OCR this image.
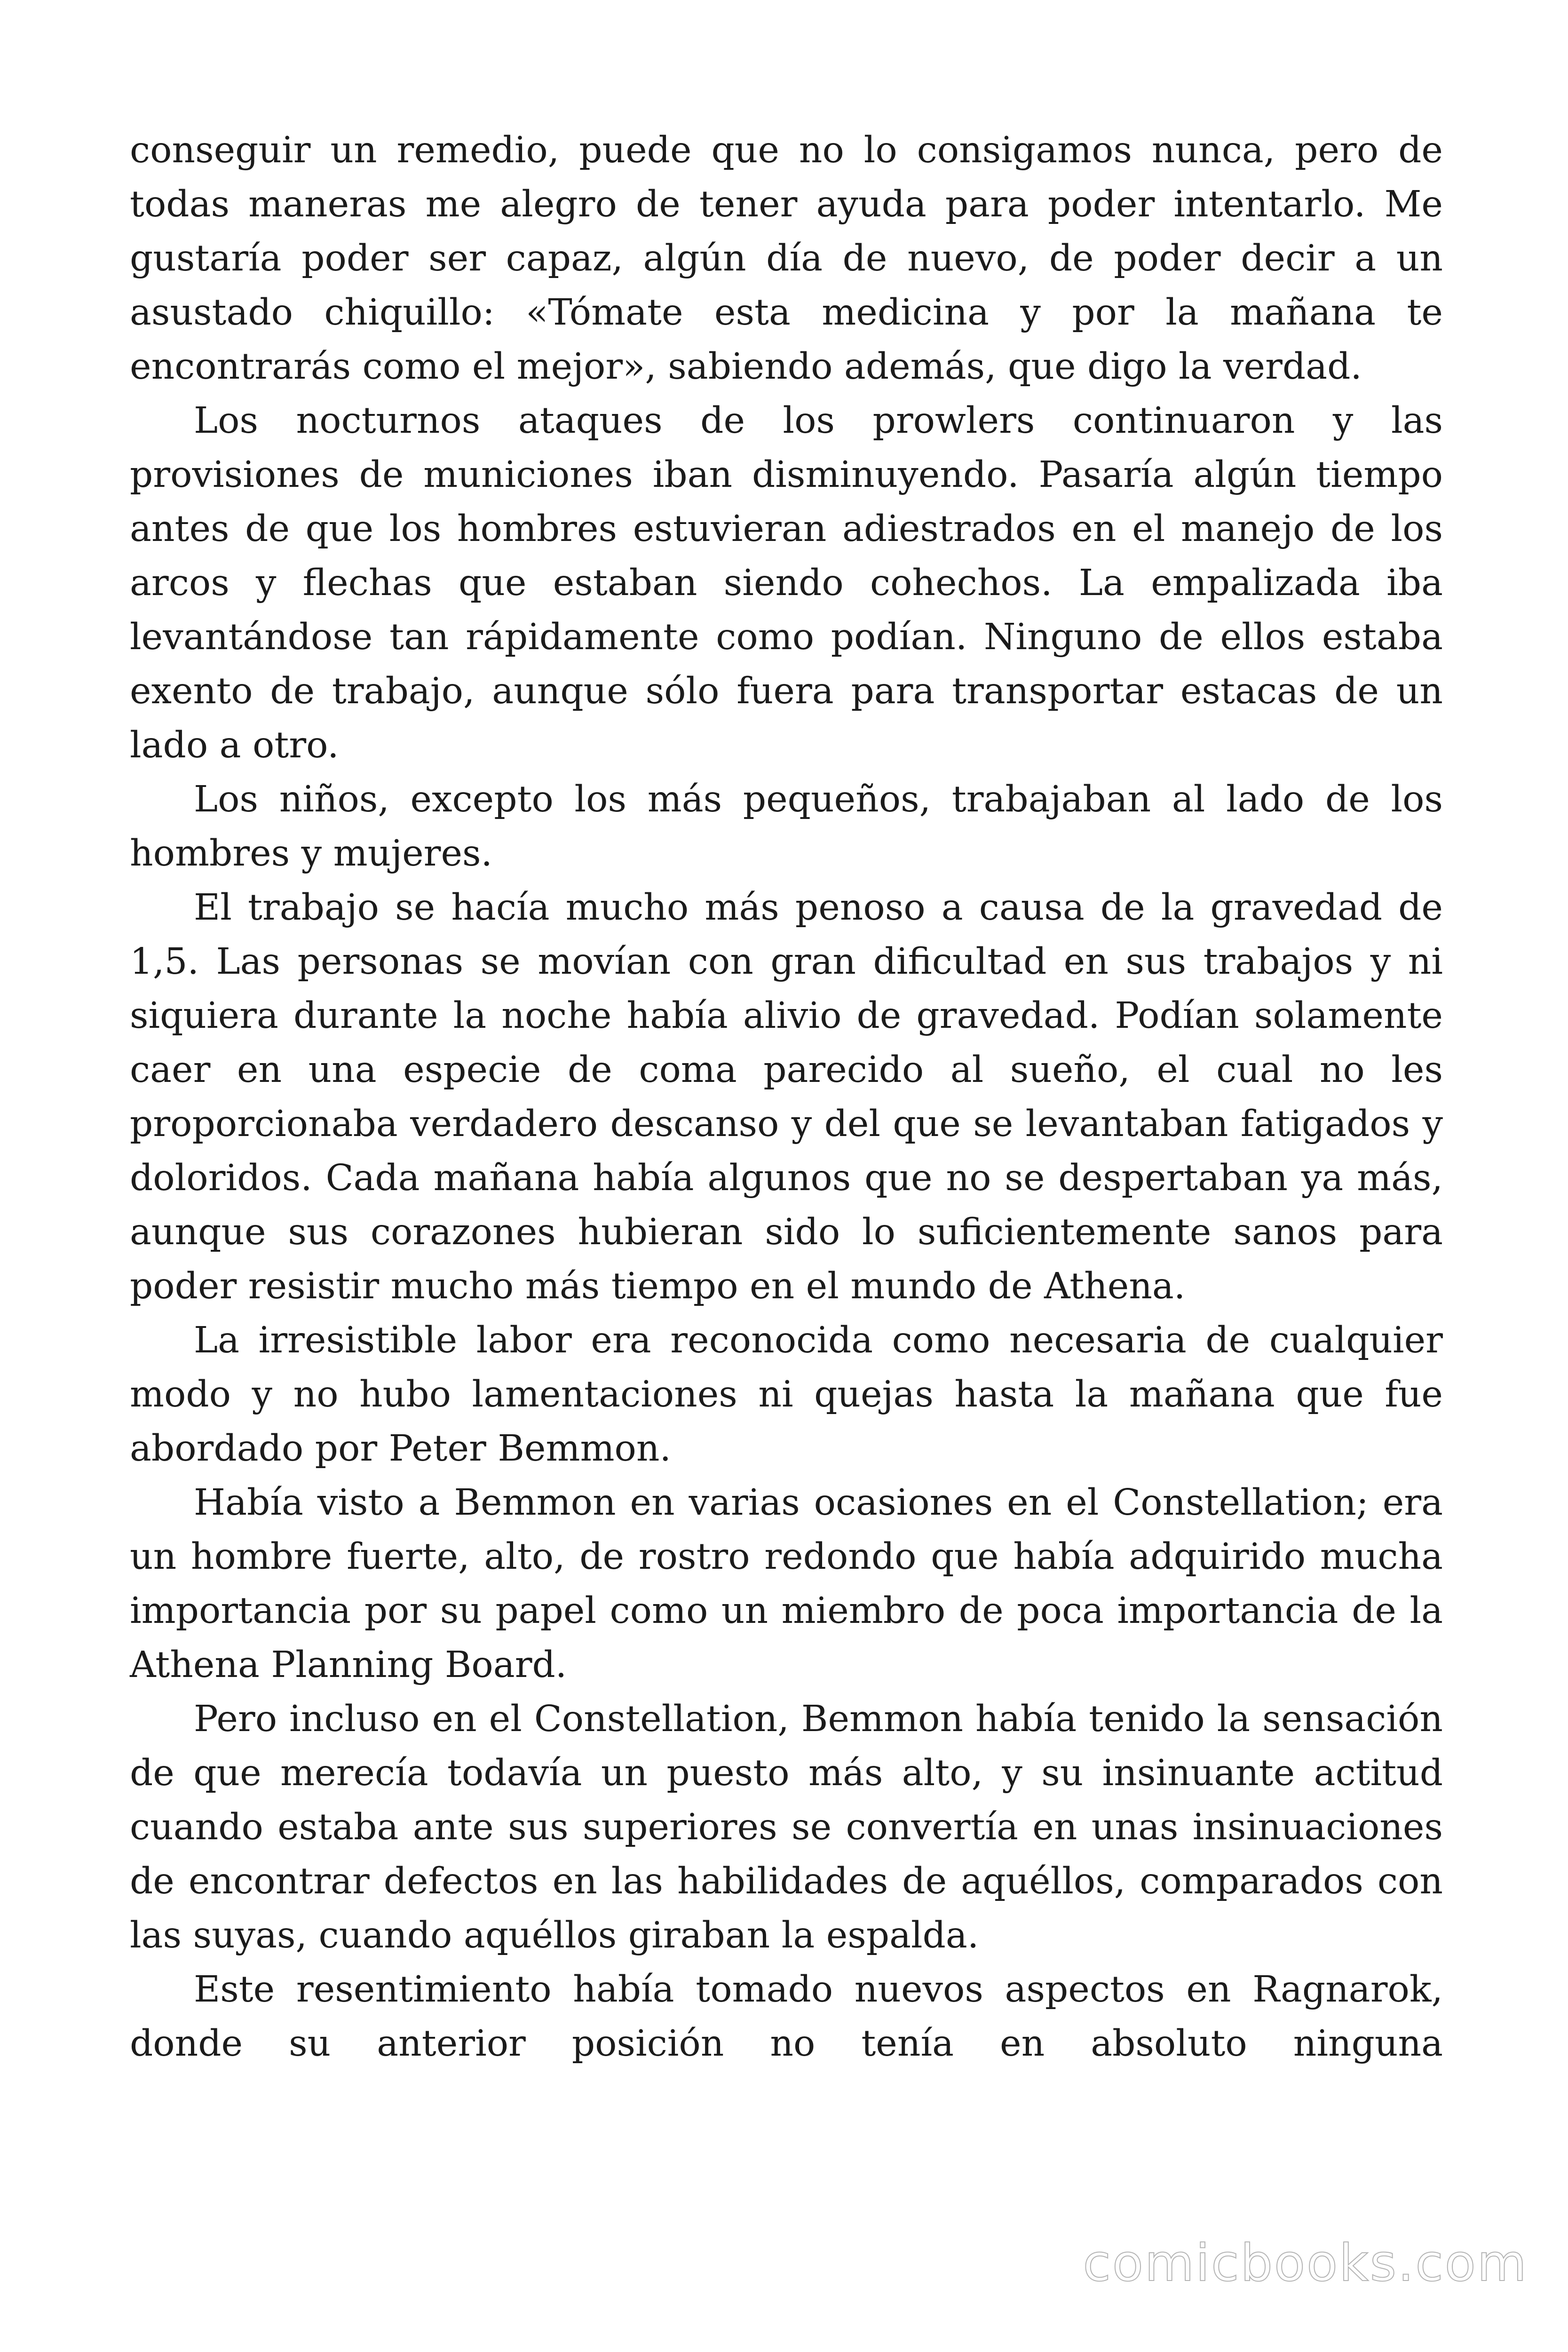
conseguir un remedio, puede que no lo consigamos nunca, pero de todas maneras me alegro de tener ayuda para poder intentarlo. Me gustaría poder ser capaz, algún día de nuevo, de poder decir a un asustado chiquillo: «Tómate esta medicina y por la mañana te encontrarás como el mejor», sabiendo además, que digo la verdad.

Los nocturnos ataques de los prowlers continuaron y las provisiones de municiones iban disminuyendo. Pasaría algún tiempo antes de que los hombres estuvieran adiestrados en el manejo de los arcos y flechas que estaban siendo cohechos. La empalizada iba levantándose tan rápidamente como podían. Ninguno de ellos estaba exento de trabajo, aunque sólo fuera para transportar estacas de un lado a otro.

Los niños, excepto los más pequeños, trabajaban al lado de los hombres y mujeres.

El trabajo se hacía mucho más penoso a causa de la gravedad de 1,5. Las personas se movían con gran dificultad en sus trabajos y ni siquiera durante la noche había alivio de gravedad. Podían solamente caer en una especie de coma parecido al sueño, el cual no les proporcionaba verdadero descanso y del que se levantaban fatigados y doloridos. Cada mañana había algunos que no se despertaban ya más, aunque sus corazones hubieran sido lo suficientemente sanos para poder resistir mucho más tiempo en el mundo de Athena.

La irresistible labor era reconocida como necesaria de cualquier modo y no hubo lamentaciones ni quejas hasta la mañana que fue abordado por Peter Bemmon.

Había visto a Bemmon en varias ocasiones en el Constellation; era un hombre fuerte, alto, de rostro redondo que había adquirido mucha importancia por su papel como un miembro de poca importancia de la Athena Planning Board.

Pero incluso en el Constellation, Bemmon había tenido la sensación de que merecía todavía un puesto más alto, y su insinuante actitud cuando estaba ante sus superiores se convertía en unas insinuaciones de encontrar defectos en las habilidades de aquéllos, comparados con las suyas, cuando aquéllos giraban la espalda.

Este resentimiento había tomado nuevos aspectos en Ragnarok, donde su anterior posición no tenía en absoluto ninguna

comicbooks.com
